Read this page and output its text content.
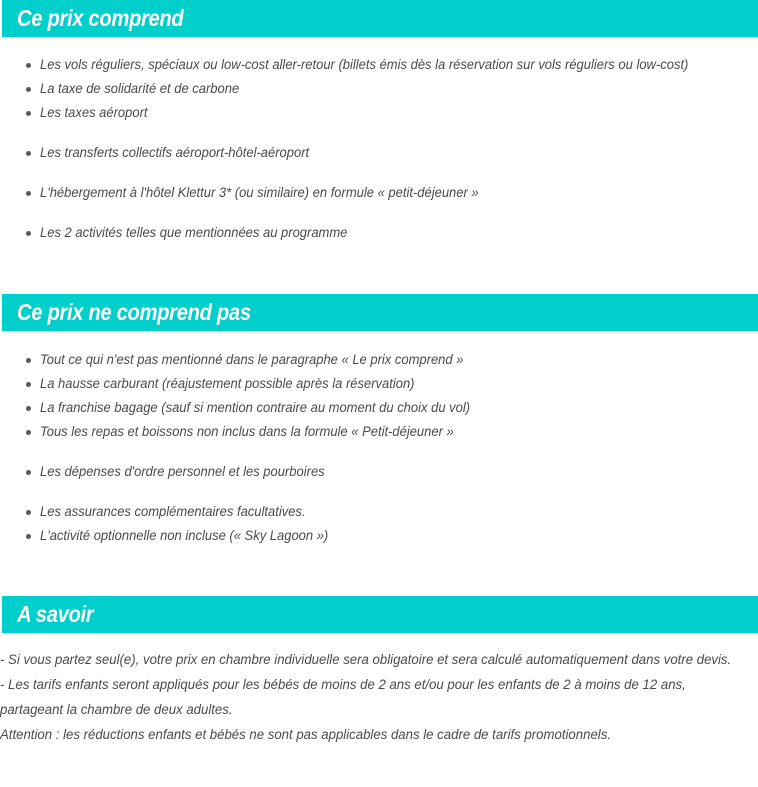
Ce prix comprend
Les vols réguliers, spéciaux ou low-cost aller-retour (billets émis dès la réservation sur vols réguliers ou low-cost)
La taxe de solidarité et de carbone
Les taxes aéroport
Les transferts collectifs aéroport-hôtel-aéroport
L'hébergement à l'hôtel Klettur 3* (ou similaire) en formule « petit-déjeuner »
Les 2 activités telles que mentionnées au programme
Ce prix ne comprend pas
Tout ce qui n'est pas mentionné dans le paragraphe « Le prix comprend »
La hausse carburant (réajustement possible après la réservation)
La franchise bagage (sauf si mention contraire au moment du choix du vol)
Tous les repas et boissons non inclus dans la formule « Petit-déjeuner »
Les dépenses d'ordre personnel et les pourboires
Les assurances complémentaires facultatives.
L'activité optionnelle non incluse (« Sky Lagoon »)
A savoir

- Si vous partez seul(e), votre prix en chambre individuelle sera obligatoire et sera calculé automatiquement dans votre devis.

- Les tarifs enfants seront appliqués pour les bébés de moins de 2 ans et/ou pour les enfants de 2 à moins de 12 ans, partageant la chambre de deux adultes.

Attention : les réductions enfants et bébés ne sont pas applicables dans le cadre de tarifs promotionnels.
